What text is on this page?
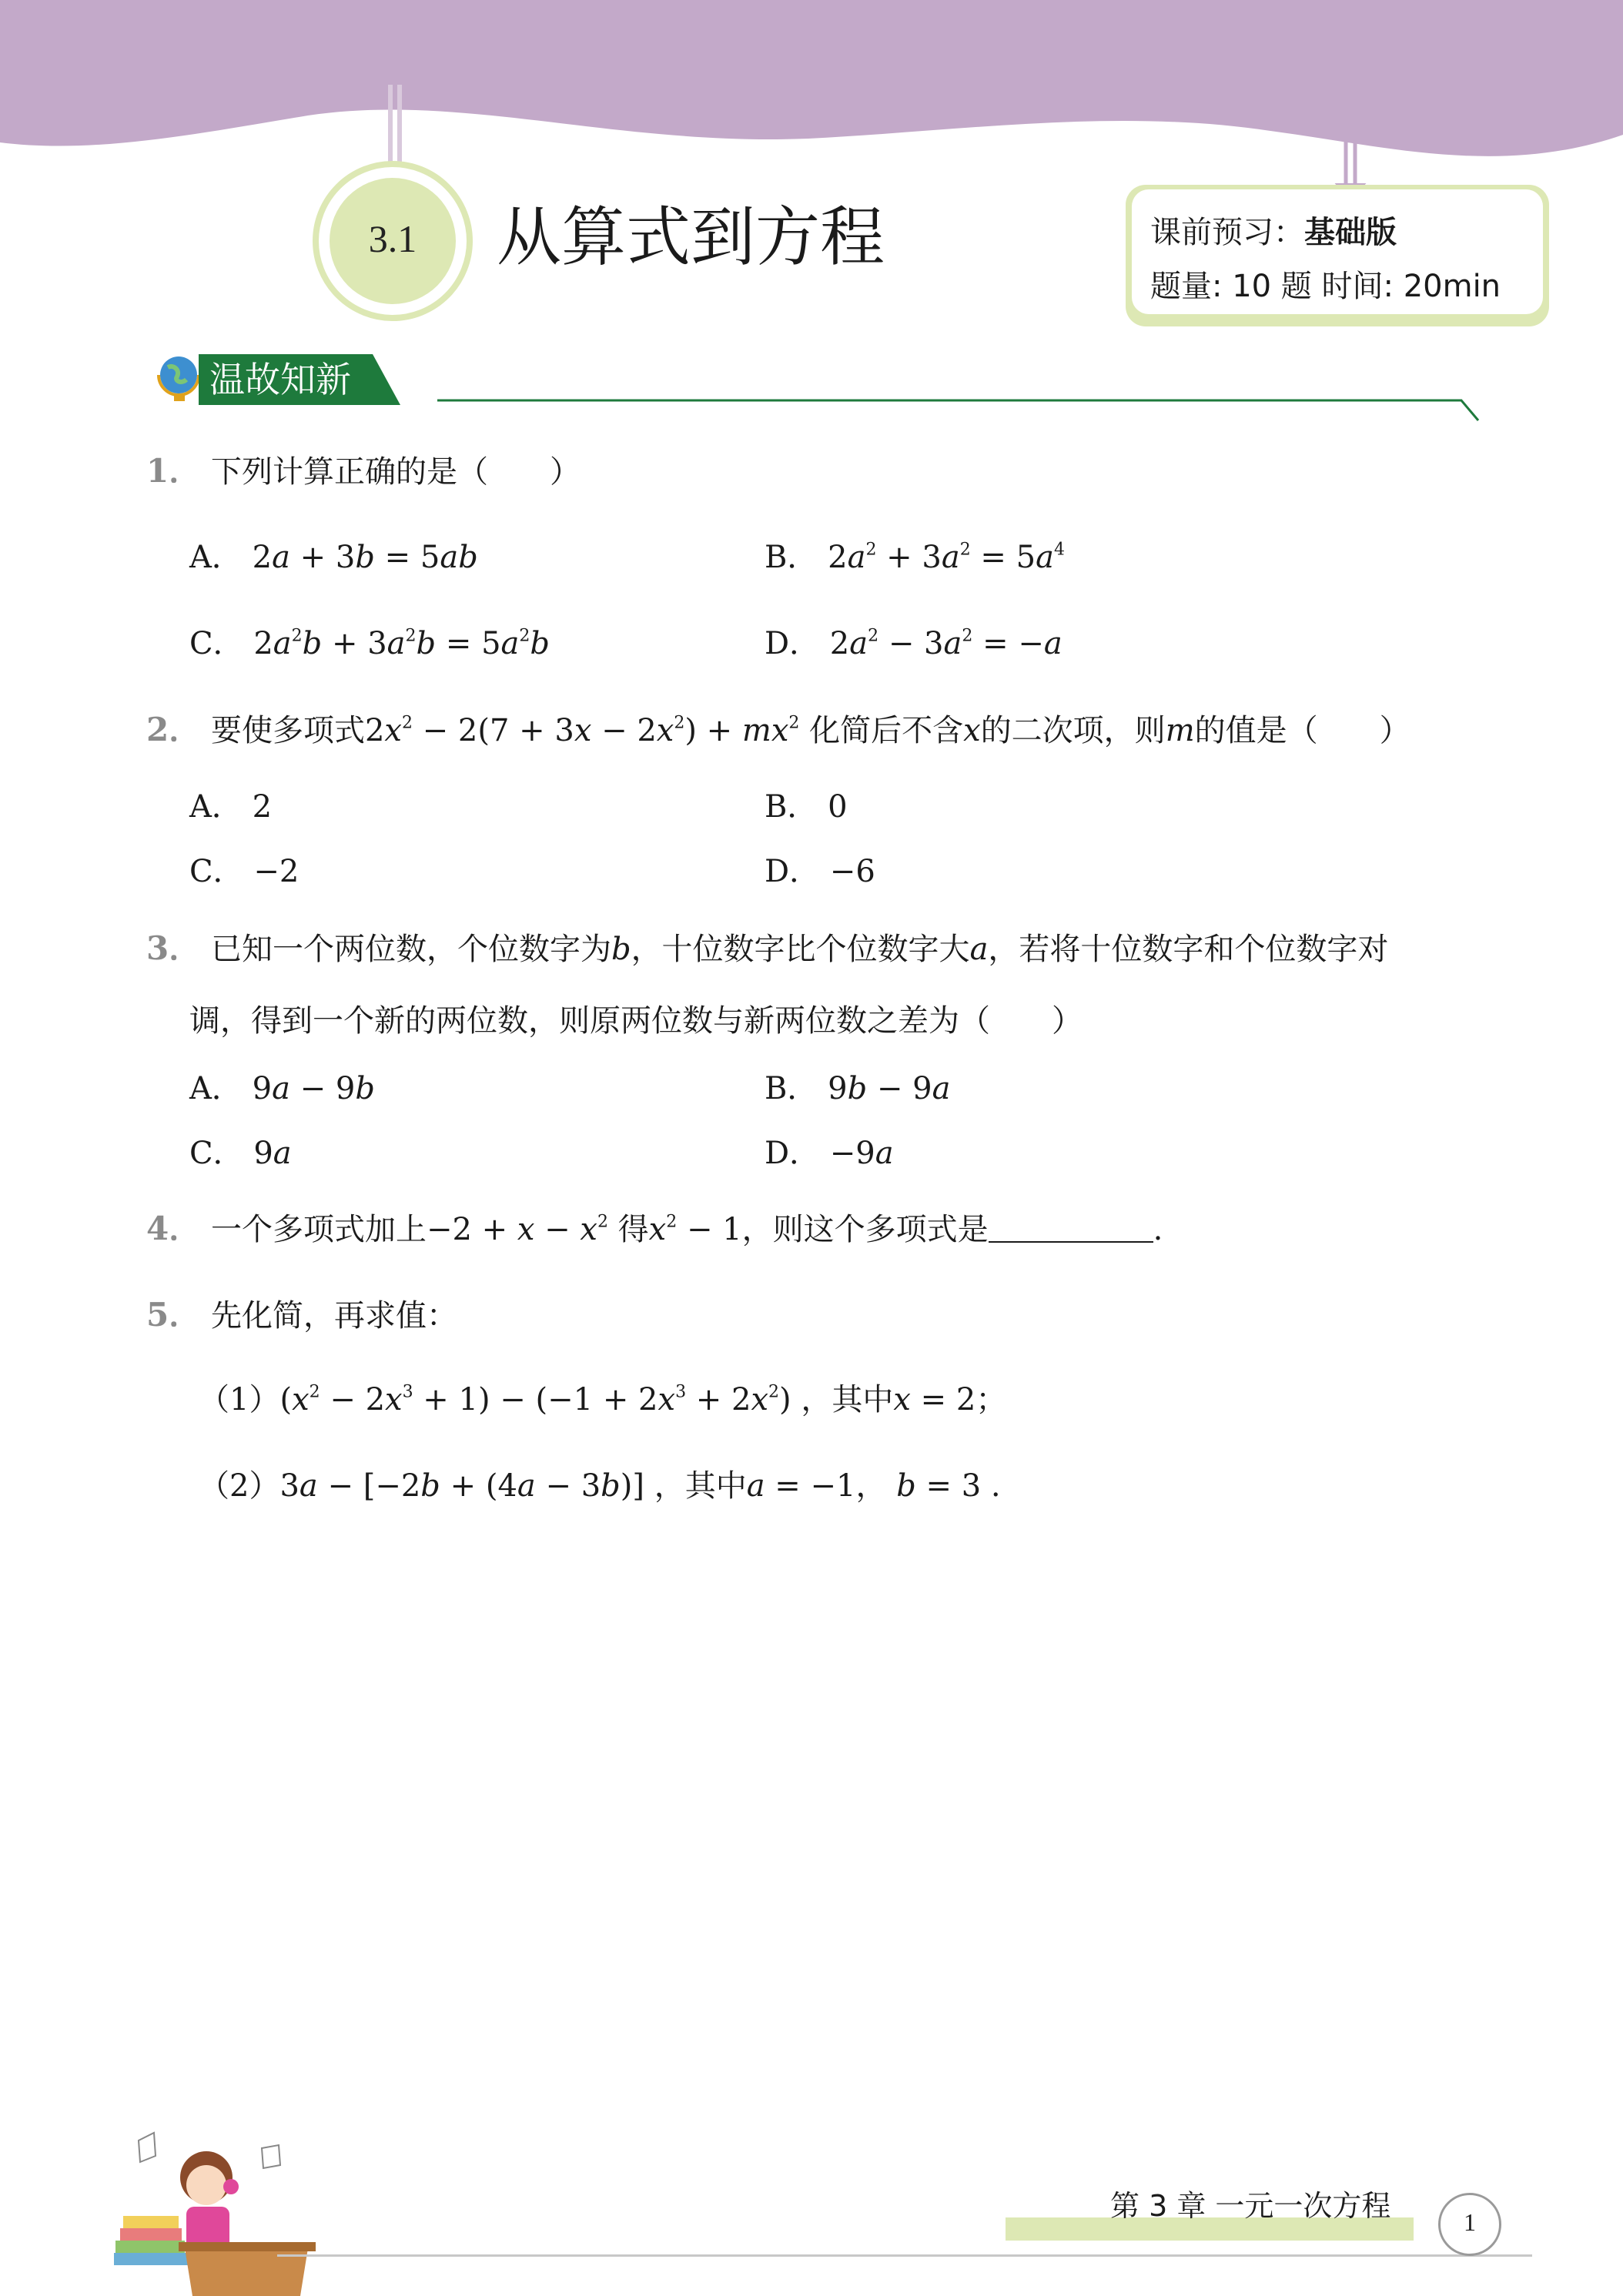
3.1	从算式到方程	课前预习：基础版
题量: 10 题 时间: 20min
温故知新
1． 下列计算正确的是（　　）
A． 2a + 3b = 5ab	B． $2a^2 + 3a^2 = 5a^4$
C． $2a^2b + 3a^2b = 5a^2b$	D． $2a^2 - 3a^2 = -a$
2． 要使多项式$2x^2 - 2(7 + 3x - 2x^2) + mx^2$ 化简后不含x的二次项，则m的值是（　　）
A． 2	B． 0
C． −2	D． −6
3． 已知一个两位数，个位数字为b，十位数字比个位数字大a，若将十位数字和个位数字对
调，得到一个新的两位数，则原两位数与新两位数之差为（　　）
A． 9a − 9b	B． 9b − 9a
C． 9a	D． −9a
4． 一个多项式加上$-2 + x - x^2$ 得$x^2 - 1$，则这个多项式是	.
5． 先化简，再求值：
$(1)(x^2 - 2x^3 + 1) - (-1 + 2x^3 + 2x^2)$ ，其中x = 2；
（2）3a − [−2b + (4a − 3b)] ，其中a = −1， b = 3 .
第 3 章 一元一次方程	1
